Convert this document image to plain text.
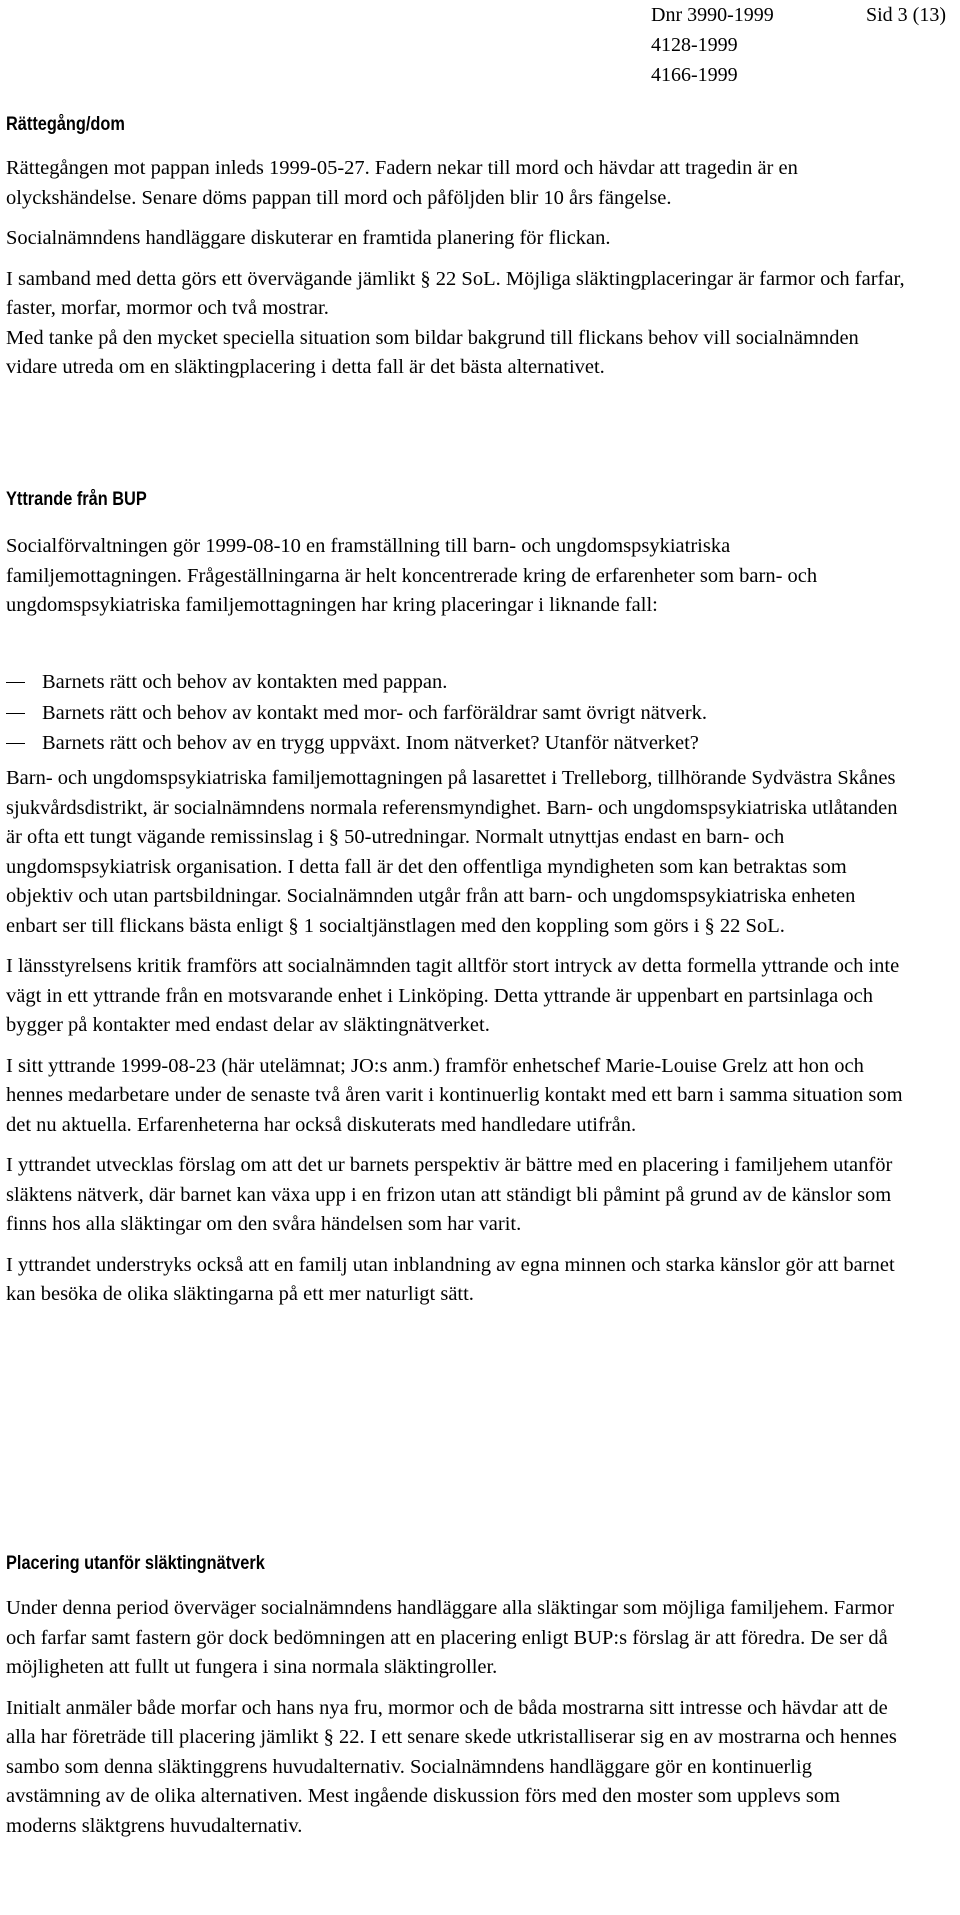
Dnr 3990-1999
4128-1999
4166-1999
Sid 3 (13)
Rättegång/dom

Rättegången mot pappan inleds 1999-05-27. Fadern nekar till mord och hävdar att tragedin är en olyckshändelse. Senare döms pappan till mord och påföljden blir 10 års fängelse.

Socialnämndens handläggare diskuterar en framtida planering för flickan.

I samband med detta görs ett övervägande jämlikt § 22 SoL. Möjliga släktingplaceringar är farmor och farfar, faster, morfar, mormor och två mostrar.

Med tanke på den mycket speciella situation som bildar bakgrund till flickans behov vill socialnämnden vidare utreda om en släktingplacering i detta fall är det bästa alternativet.

Yttrande från BUP

Socialförvaltningen gör 1999-08-10 en framställning till barn- och ungdomspsykiatriska familjemottagningen. Frågeställningarna är helt koncentrerade kring de erfarenheter som barn- och ungdomspsykiatriska familjemottagningen har kring placeringar i liknande fall:

Barnets rätt och behov av kontakten med pappan.
Barnets rätt och behov av kontakt med mor- och farföräldrar samt övrigt nätverk.
Barnets rätt och behov av en trygg uppväxt. Inom nätverket? Utanför nätverket?

Barn- och ungdomspsykiatriska familjemottagningen på lasarettet i Trelleborg, tillhörande Sydvästra Skånes sjukvårdsdistrikt, är socialnämndens normala referensmyndighet. Barn- och ungdomspsykiatriska utlåtanden är ofta ett tungt vägande remissinslag i § 50-utredningar. Normalt utnyttjas endast en barn- och ungdomspsykiatrisk organisation. I detta fall är det den offentliga myndigheten som kan betraktas som objektiv och utan partsbildningar. Socialnämnden utgår från att barn- och ungdomspsykiatriska enheten enbart ser till flickans bästa enligt § 1 socialtjänstlagen med den koppling som görs i § 22 SoL.

I länsstyrelsens kritik framförs att socialnämnden tagit alltför stort intryck av detta formella yttrande och inte vägt in ett yttrande från en motsvarande enhet i Linköping. Detta yttrande är uppenbart en partsinlaga och bygger på kontakter med endast delar av släktingnätverket.

I sitt yttrande 1999-08-23 (här utelämnat; JO:s anm.) framför enhetschef Marie-Louise Grelz att hon och hennes medarbetare under de senaste två åren varit i kontinuerlig kontakt med ett barn i samma situation som det nu aktuella. Erfarenheterna har också diskuterats med handledare utifrån.

I yttrandet utvecklas förslag om att det ur barnets perspektiv är bättre med en placering i familjehem utanför släktens nätverk, där barnet kan växa upp i en frizon utan att ständigt bli påmint på grund av de känslor som finns hos alla släktingar om den svåra händelsen som har varit.

I yttrandet understryks också att en familj utan inblandning av egna minnen och starka känslor gör att barnet kan besöka de olika släktingarna på ett mer naturligt sätt.

Placering utanför släktingnätverk

Under denna period överväger socialnämndens handläggare alla släktingar som möjliga familjehem. Farmor och farfar samt fastern gör dock bedömningen att en placering enligt BUP:s förslag är att föredra. De ser då möjligheten att fullt ut fungera i sina normala släktingroller.

Initialt anmäler både morfar och hans nya fru, mormor och de båda mostrarna sitt intresse och hävdar att de alla har företräde till placering jämlikt § 22. I ett senare skede utkristalliserar sig en av mostrarna och hennes sambo som denna släktinggrens huvudalternativ. Socialnämndens handläggare gör en kontinuerlig avstämning av de olika alternativen. Mest ingående diskussion förs med den moster som upplevs som moderns släktgrens huvudalternativ.
